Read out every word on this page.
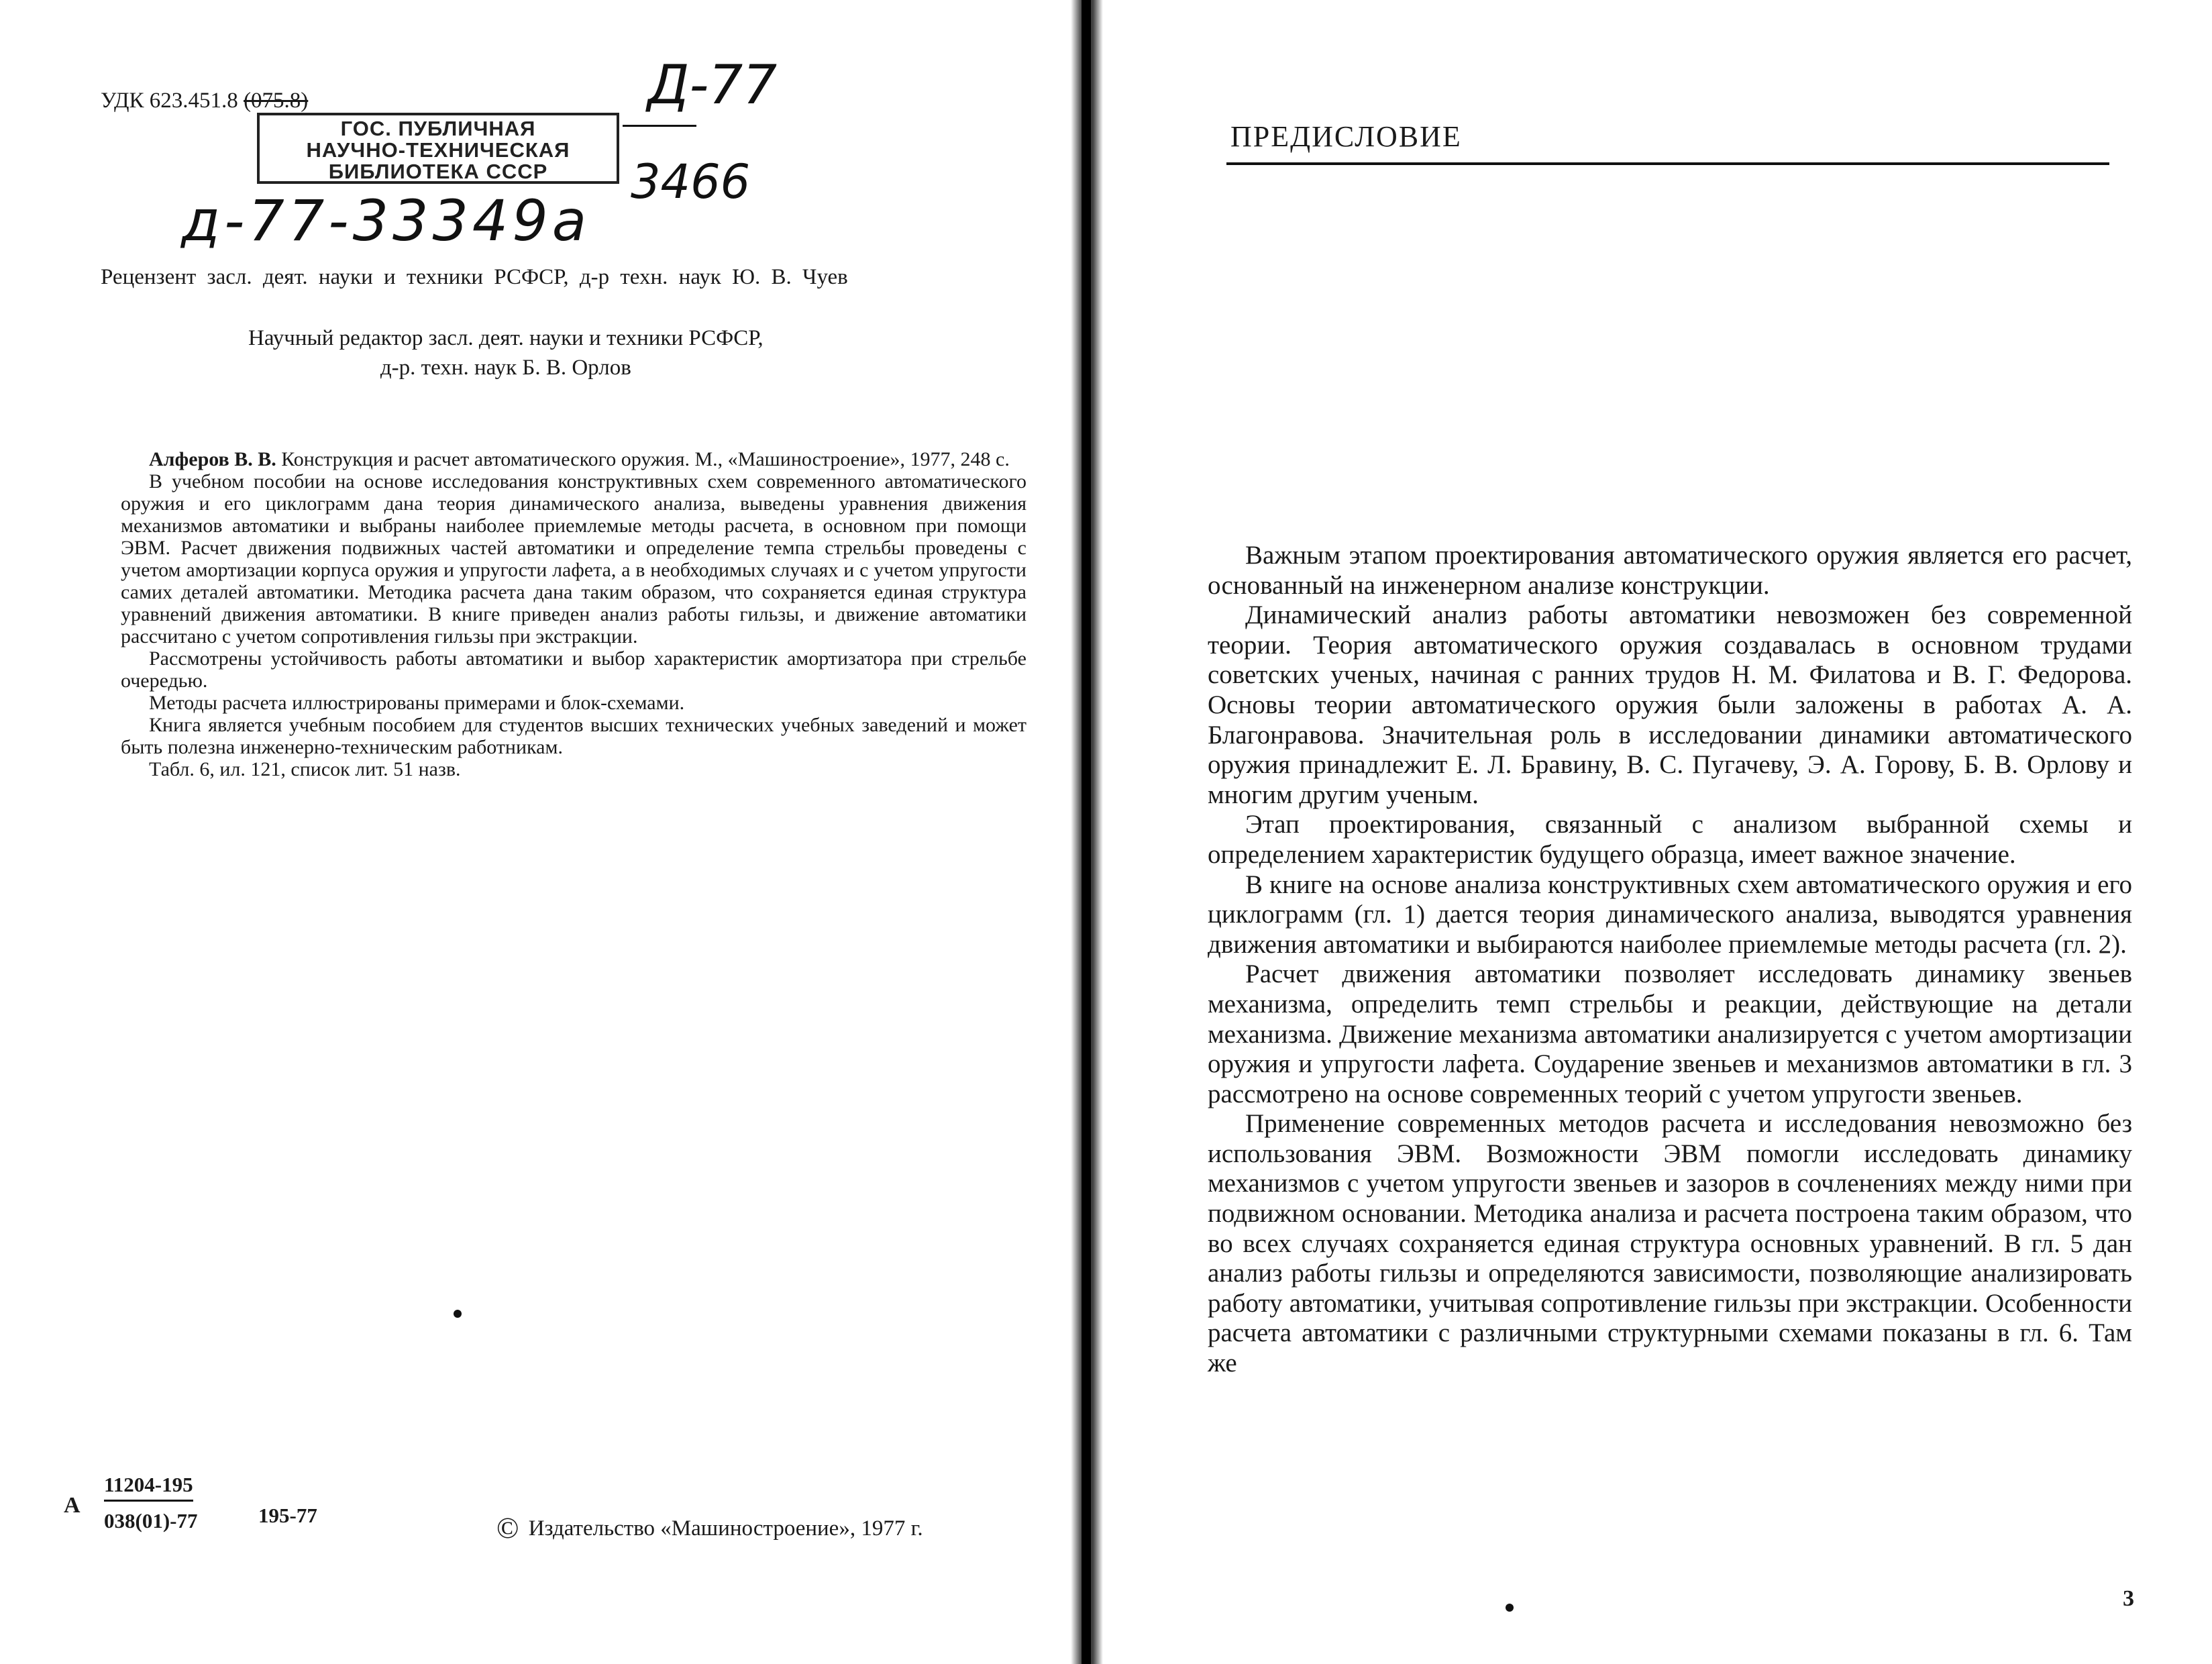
УДК 623.451.8 (075.8)
ГОС. ПУБЛИЧНАЯ
НАУЧНО-ТЕХНИЧЕСКАЯ
БИБЛИОТЕКА СССР
Д-77
3466
д-77-33349а
Рецензент засл. деят. науки и техники РСФСР, д-р техн. наук Ю. В. Чуев
Научный редактор засл. деят. науки и техники РСФСР,
д-р. техн. наук Б. В. Орлов

Алферов В. В. Конструкция и расчет автоматического оружия. М., «Машиностроение», 1977, 248 с.

В учебном пособии на основе исследования конструктивных схем современного автоматического оружия и его циклограмм дана теория динамического анализа, выведены уравнения движения механизмов автоматики и выбраны наиболее приемлемые методы расчета, в основном при помощи ЭВМ. Расчет движения подвижных частей автоматики и определение темпа стрельбы проведены с учетом амортизации корпуса оружия и упругости лафета, а в необходимых случаях и с учетом упругости самих деталей автоматики. Методика расчета дана таким образом, что сохраняется единая структура уравнений движения автоматики. В книге приведен анализ работы гильзы, и движение автоматики рассчитано с учетом сопротивления гильзы при экстракции.

Рассмотрены устойчивость работы автоматики и выбор характеристик амортизатора при стрельбе очередью.

Методы расчета иллюстрированы примерами и блок-схемами.

Книга является учебным пособием для студентов высших технических учебных заведений и может быть полезна инженерно-техническим работникам.

Табл. 6, ил. 121, список лит. 51 назв.

А
11204-195
038(01)-77	195-77	© Издательство «Машиностроение», 1977 г.
ПРЕДИСЛОВИЕ

Важным этапом проектирования автоматического оружия является его расчет, основанный на инженерном анализе конструкции.

Динамический анализ работы автоматики невозможен без современной теории. Теория автоматического оружия создавалась в основном трудами советских ученых, начиная с ранних трудов Н. М. Филатова и В. Г. Федорова. Основы теории автоматического оружия были заложены в работах А. А. Благонравова. Значительная роль в исследовании динамики автоматического оружия принадлежит Е. Л. Бравину, В. С. Пугачеву, Э. А. Горову, Б. В. Орлову и многим другим ученым.

Этап проектирования, связанный с анализом выбранной схемы и определением характеристик будущего образца, имеет важное значение.

В книге на основе анализа конструктивных схем автоматического оружия и его циклограмм (гл. 1) дается теория динамического анализа, выводятся уравнения движения автоматики и выбираются наиболее приемлемые методы расчета (гл. 2).

Расчет движения автоматики позволяет исследовать динамику звеньев механизма, определить темп стрельбы и реакции, действующие на детали механизма. Движение механизма автоматики анализируется с учетом амортизации оружия и упругости лафета. Соударение звеньев и механизмов автоматики в гл. 3 рассмотрено на основе современных теорий с учетом упругости звеньев.

Применение современных методов расчета и исследования невозможно без использования ЭВМ. Возможности ЭВМ помогли исследовать динамику механизмов с учетом упругости звеньев и зазоров в сочленениях между ними при подвижном основании. Методика анализа и расчета построена таким образом, что во всех случаях сохраняется единая структура основных уравнений. В гл. 5 дан анализ работы гильзы и определяются зависимости, позволяющие анализировать работу автоматики, учитывая сопротивление гильзы при экстракции. Особенности расчета автоматики с различными структурными схемами показаны в гл. 6. Там же

3
